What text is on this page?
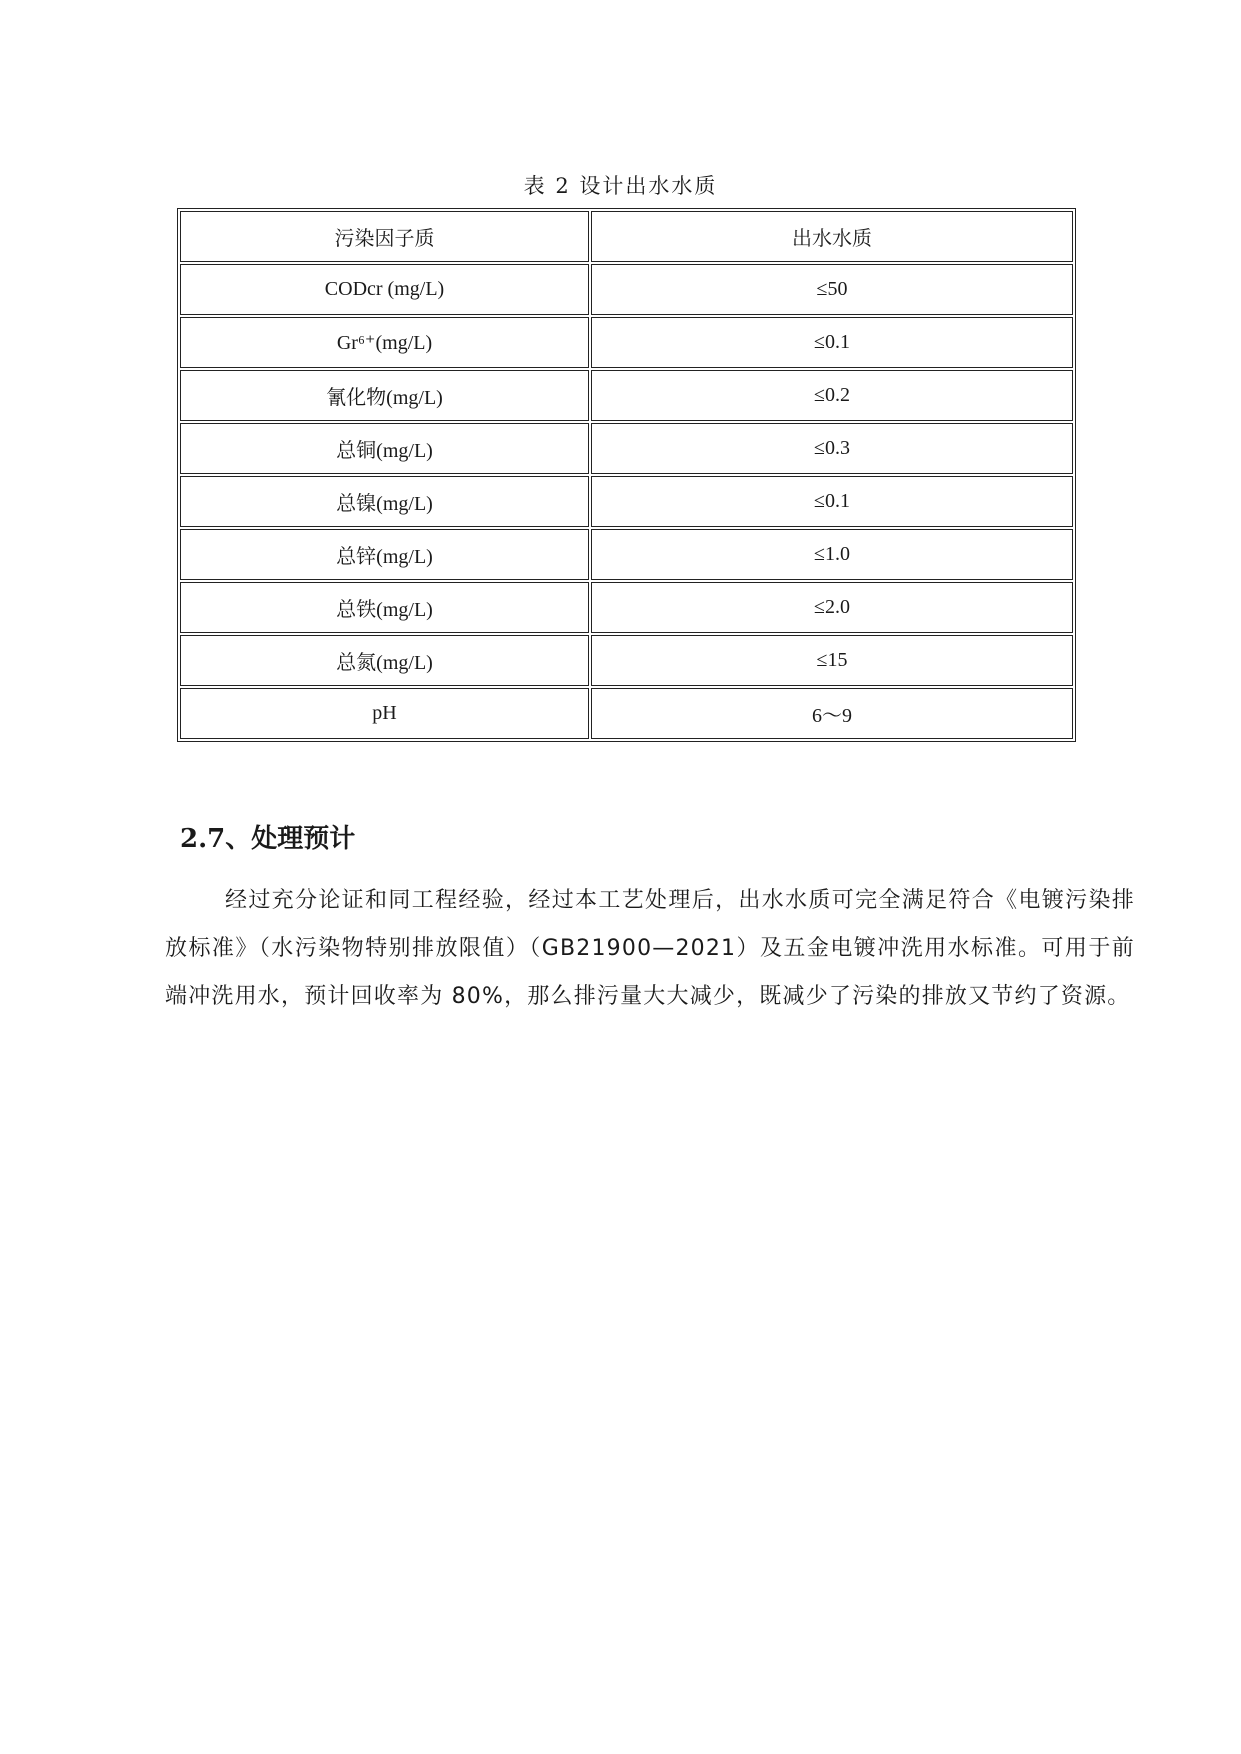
表 2 设计出水水质
污染因子质	出水水质
CODcr (mg/L)	≤50
Gr⁶⁺(mg/L)	≤0.1
氰化物(mg/L)	≤0.2
总铜(mg/L)	≤0.3
总镍(mg/L)	≤0.1
总锌(mg/L)	≤1.0
总铁(mg/L)	≤2.0
总氮(mg/L)	≤15
pH	6～9
2.7、处理预计
经过充分论证和同工程经验，经过本工艺处理后，出水水质可完全满足符合《电镀污染排放标准》（水污染物特别排放限值）（GB21900—2021）及五金电镀冲洗用水标准。可用于前端冲洗用水，预计回收率为 80%，那么排污量大大减少，既减少了污染的排放又节约了资源。
